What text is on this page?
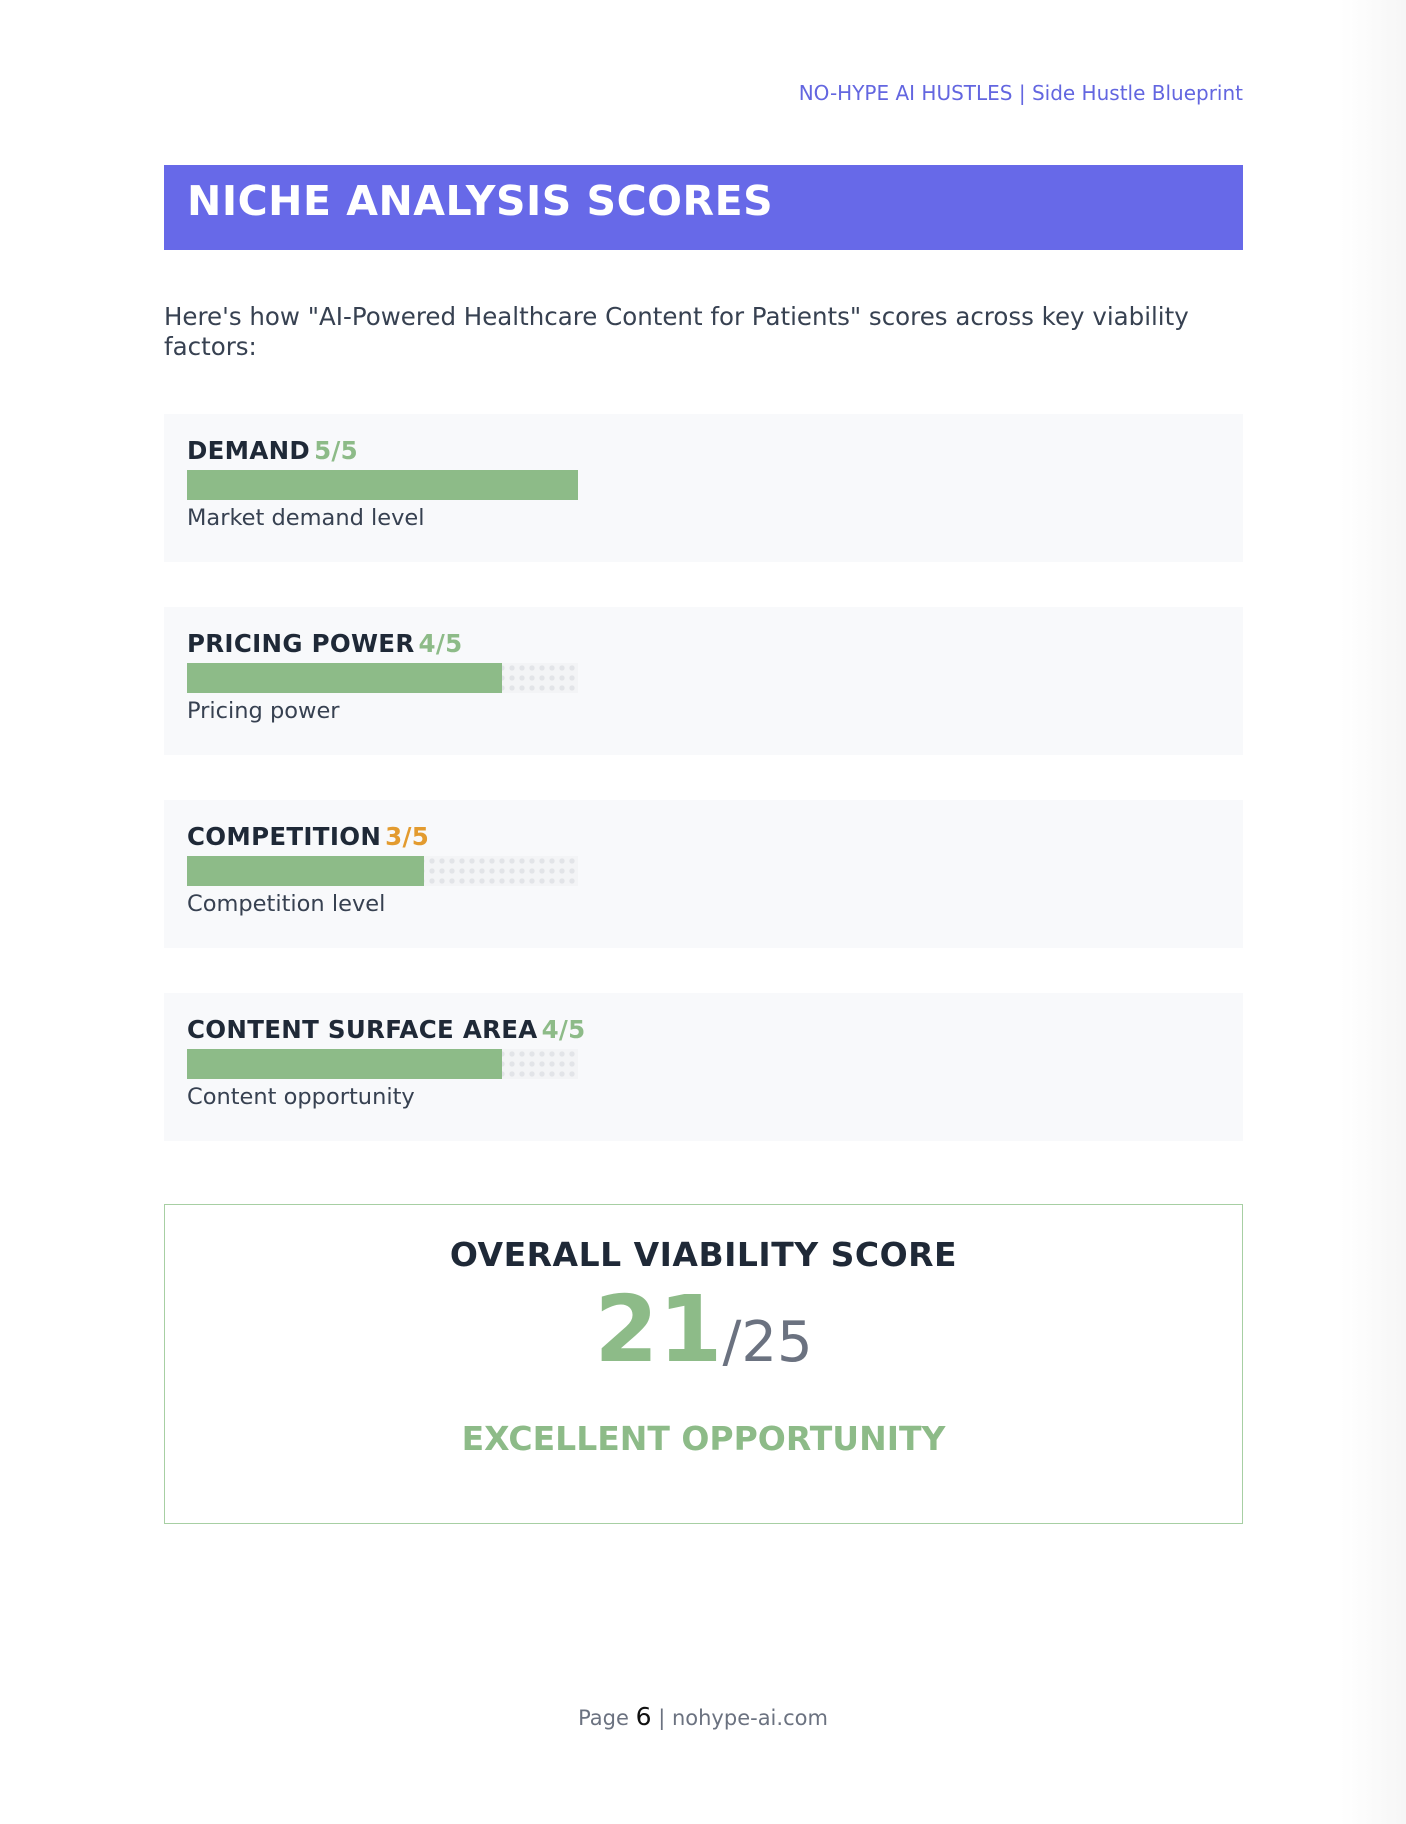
NO-HYPE AI HUSTLES | Side Hustle Blueprint
NICHE ANALYSIS SCORES
Here's how "AI-Powered Healthcare Content for Patients" scores across key viability factors:
DEMAND 5/5
Market demand level
PRICING POWER 4/5
Pricing power
COMPETITION 3/5
Competition level
CONTENT SURFACE AREA 4/5
Content opportunity
OVERALL VIABILITY SCORE
21/25
EXCELLENT OPPORTUNITY
Page 6 | nohype-ai.com
